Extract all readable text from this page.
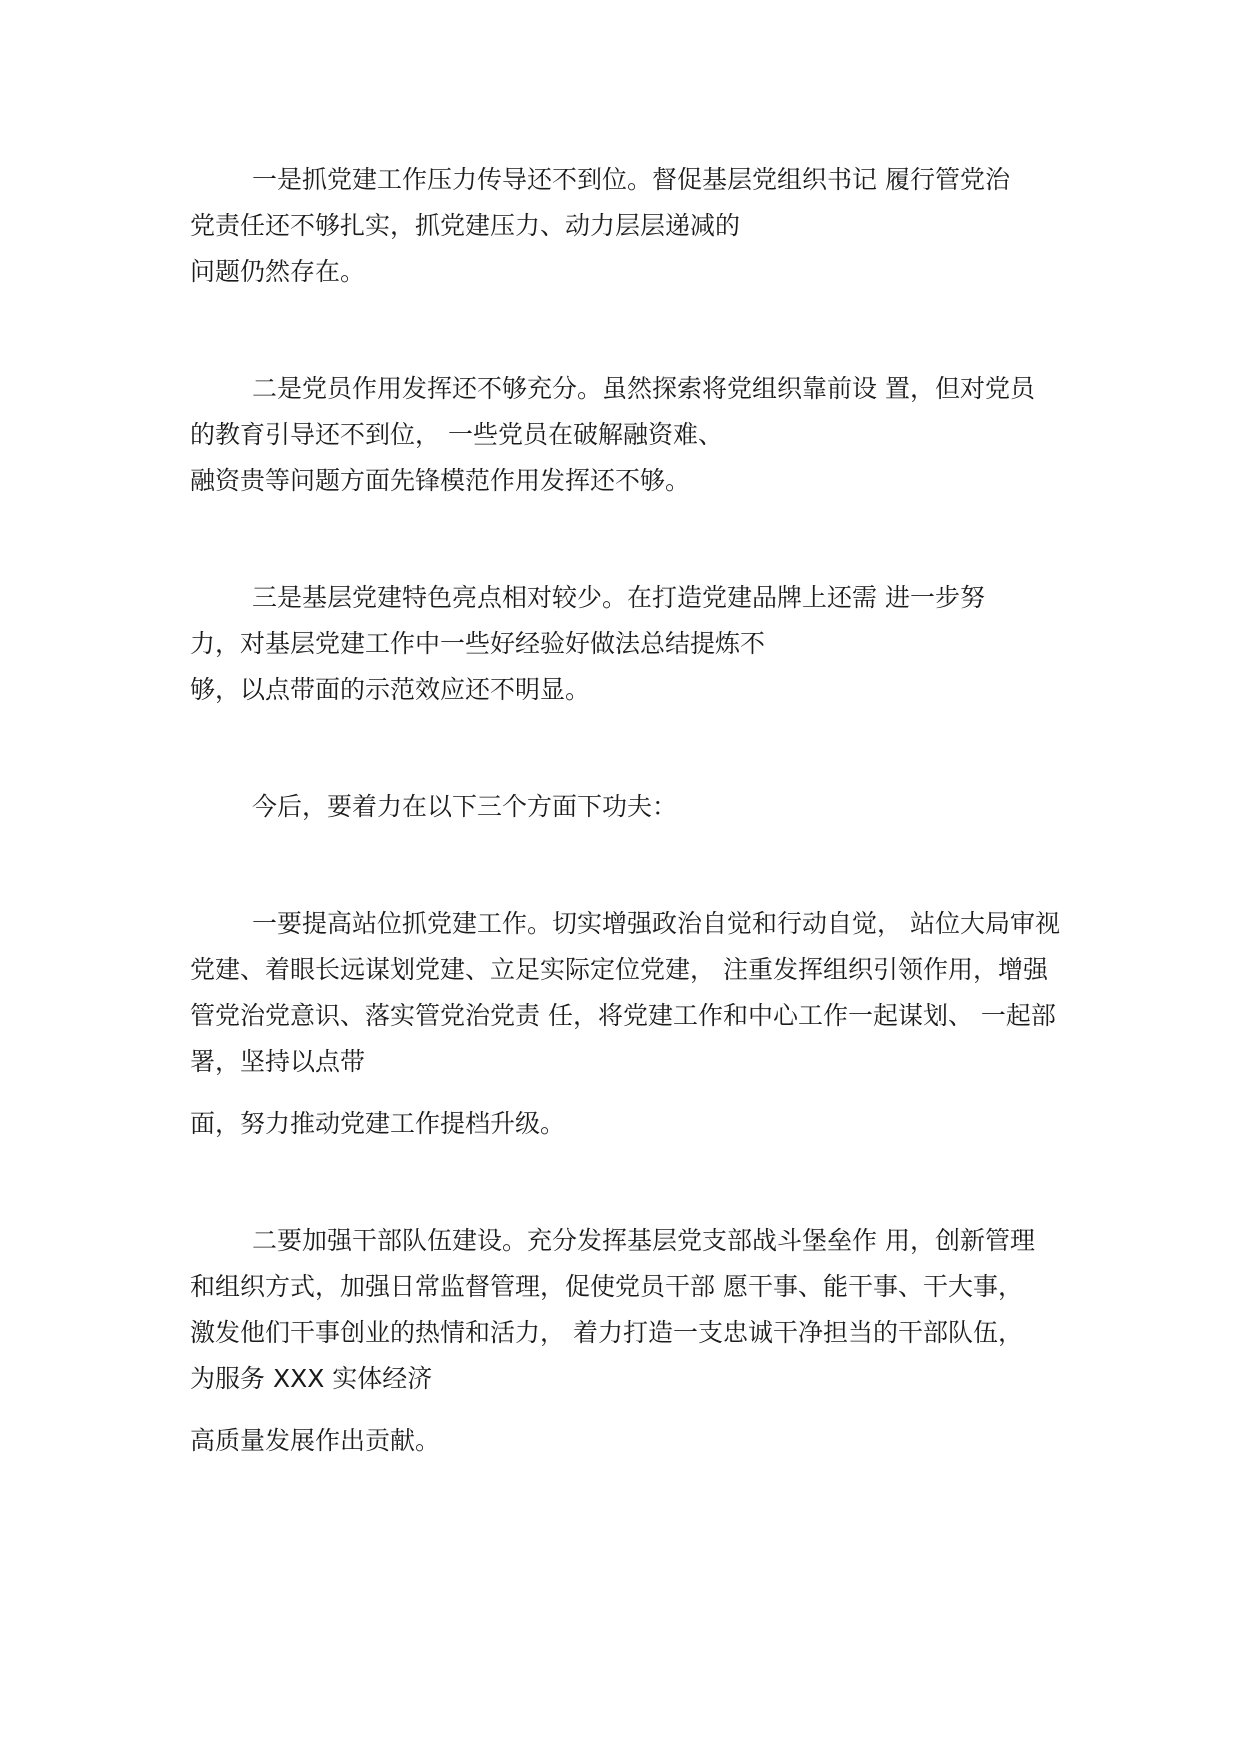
一是抓党建工作压力传导还不到位。督促基层党组织书记 履行管党治
党责任还不够扎实，抓党建压力、动力层层递减的
问题仍然存在。
二是党员作用发挥还不够充分。虽然探索将党组织靠前设 置，但对党员
的教育引导还不到位， 一些党员在破解融资难、
融资贵等问题方面先锋模范作用发挥还不够。
三是基层党建特色亮点相对较少。在打造党建品牌上还需 进一步努
力，对基层党建工作中一些好经验好做法总结提炼不
够，以点带面的示范效应还不明显。
今后，要着力在以下三个方面下功夫：
一要提高站位抓党建工作。切实增强政治自觉和行动自觉， 站位大局审视
党建、着眼长远谋划党建、立足实际定位党建， 注重发挥组织引领作用，增强
管党治党意识、落实管党治党责 任，将党建工作和中心工作一起谋划、 一起部
署，坚持以点带
面，努力推动党建工作提档升级。
二要加强干部队伍建设。充分发挥基层党支部战斗堡垒作 用，创新管理
和组织方式，加强日常监督管理，促使党员干部 愿干事、能干事、干大事，
激发他们干事创业的热情和活力， 着力打造一支忠诚干净担当的干部队伍，
为服务 XXX 实体经济
高质量发展作出贡献。
